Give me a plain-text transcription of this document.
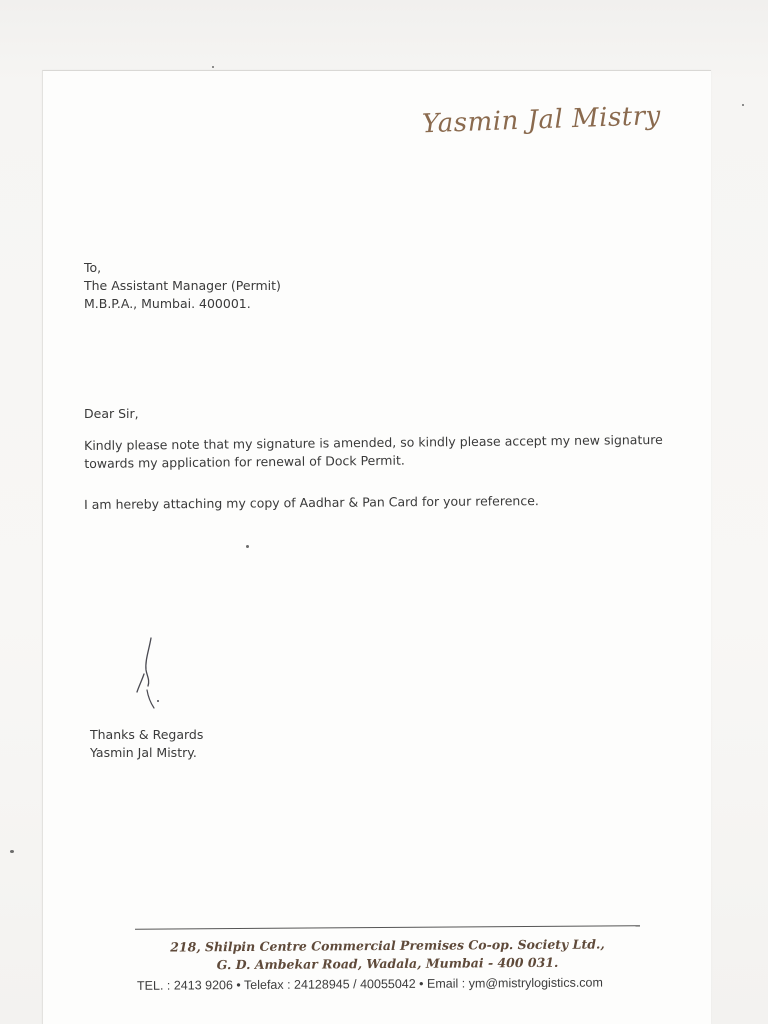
Yasmin Jal Mistry
To,
The Assistant Manager (Permit)
M.B.P.A., Mumbai. 400001.
Dear Sir,
Kindly please note that my signature is amended, so kindly please accept my new signature towards my application for renewal of Dock Permit.
I am hereby attaching my copy of Aadhar & Pan Card for your reference.
Thanks & Regards
Yasmin Jal Mistry.
218, Shilpin Centre Commercial Premises Co-op. Society Ltd.,
G. D. Ambekar Road, Wadala, Mumbai - 400 031.
TEL. : 2413 9206 • Telefax : 24128945 / 40055042 • Email : ym@mistrylogistics.com
